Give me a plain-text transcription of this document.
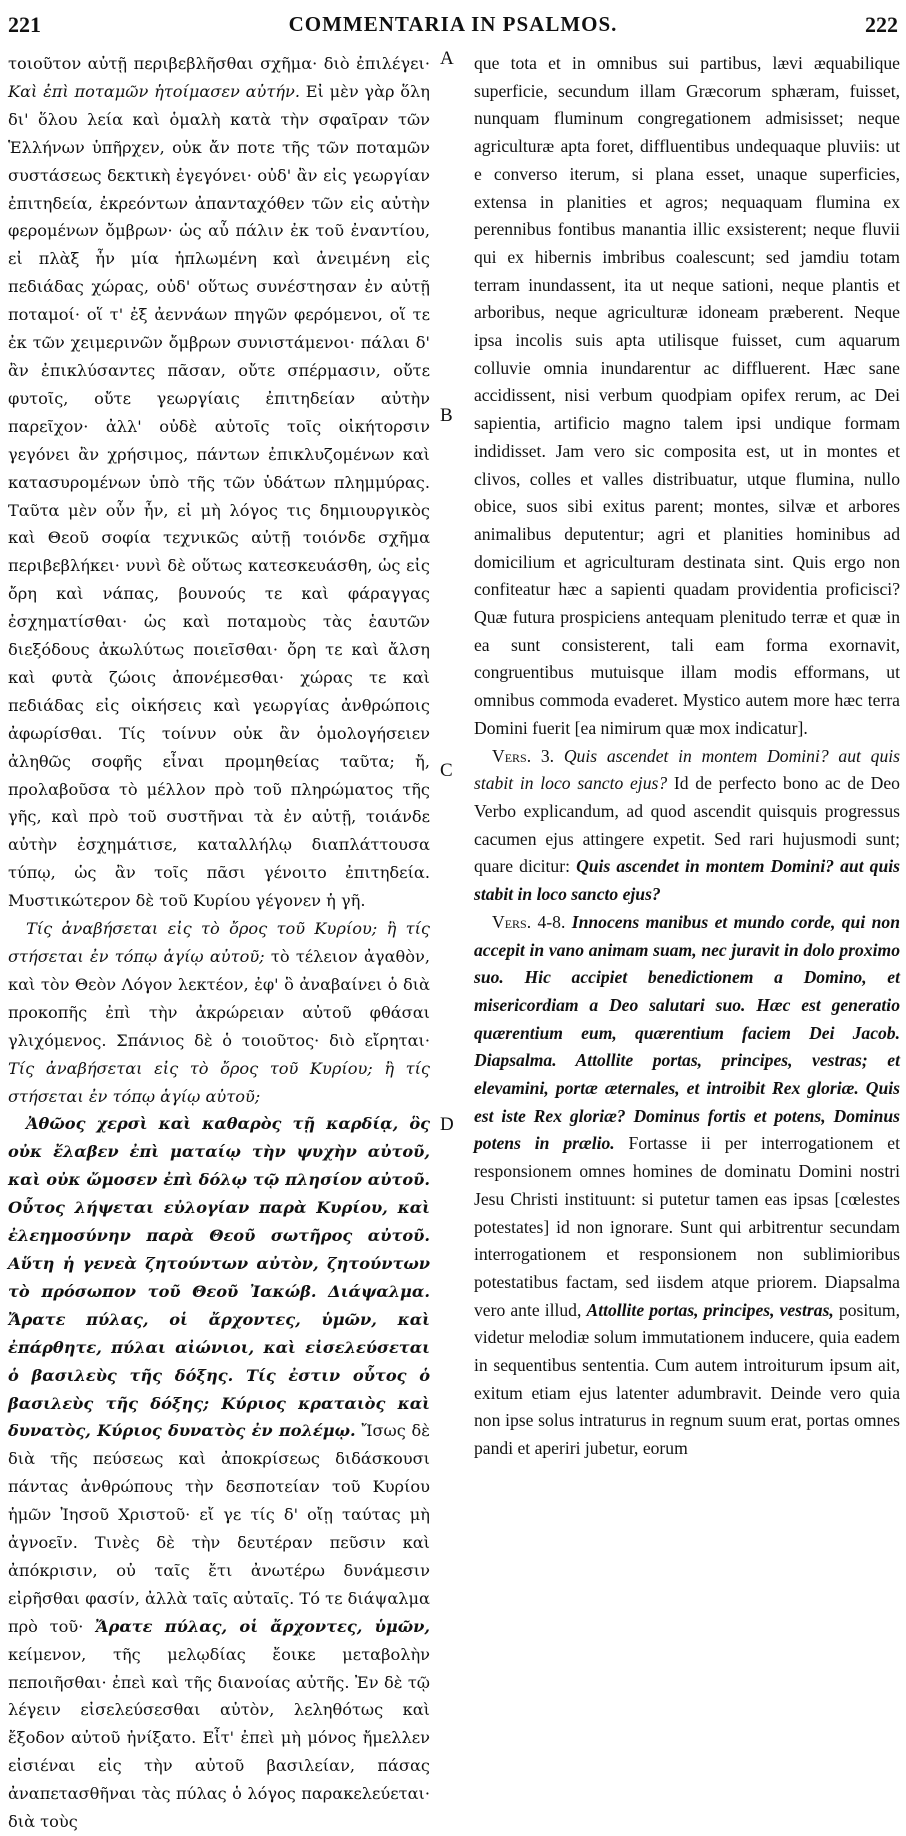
221	COMMENTARIA IN PSALMOS.	222
A
B
C
D

τοιοῦτον αὐτῇ περιβεβλῆσθαι σχῆμα· διὸ ἐπιλέγει· Καὶ ἐπὶ ποταμῶν ἡτοίμασεν αὐτήν. Εἰ μὲν γὰρ ὅλη δι' ὅλου λεία καὶ ὁμαλὴ κατὰ τὴν σφαῖραν τῶν Ἑλλήνων ὑπῆρχεν, οὐκ ἄν ποτε τῆς τῶν ποταμῶν συστάσεως δεκτικὴ ἐγεγόνει· οὐδ' ἂν εἰς γεωργίαν ἐπιτηδεία, ἐκρεόντων ἀπανταχόθεν τῶν εἰς αὐτὴν φερομένων ὄμβρων· ὡς αὖ πάλιν ἐκ τοῦ ἐναντίου, εἰ πλὰξ ἦν μία ἡπλωμένη καὶ ἀνειμένη εἰς πεδιάδας χώρας, οὐδ' οὕτως συνέστησαν ἐν αὐτῇ ποταμοί· οἵ τ' ἐξ ἀεννάων πηγῶν φερόμενοι, οἵ τε ἐκ τῶν χειμερινῶν ὄμβρων συνιστάμενοι· πάλαι δ' ἂν ἐπικλύσαντες πᾶσαν, οὔτε σπέρμασιν, οὔτε φυτοῖς, οὔτε γεωργίαις ἐπιτηδείαν αὐτὴν παρεῖχον· ἀλλ' οὐδὲ αὐτοῖς τοῖς οἰκήτορσιν γεγόνει ἂν χρήσιμος, πάντων ἐπικλυζομένων καὶ κατασυρομένων ὑπὸ τῆς τῶν ὑδάτων πλημμύρας. Ταῦτα μὲν οὖν ἦν, εἰ μὴ λόγος τις δημιουργικὸς καὶ Θεοῦ σοφία τεχνικῶς αὐτῇ τοιόνδε σχῆμα περιβεβλήκει· νυνὶ δὲ οὕτως κατεσκευάσθη, ὡς εἰς ὄρη καὶ νάπας, βουνούς τε καὶ φάραγγας ἐσχηματίσθαι· ὡς καὶ ποταμοὺς τὰς ἑαυτῶν διεξόδους ἀκωλύτως ποιεῖσθαι· ὄρη τε καὶ ἄλση καὶ φυτὰ ζώοις ἀπονέμεσθαι· χώρας τε καὶ πεδιάδας εἰς οἰκήσεις καὶ γεωργίας ἀνθρώποις ἀφωρίσθαι. Τίς τοίνυν οὐκ ἂν ὁμολογήσειεν ἀληθῶς σοφῆς εἶναι προμηθείας ταῦτα; ἤ, προλαβοῦσα τὸ μέλλον πρὸ τοῦ πληρώματος τῆς γῆς, καὶ πρὸ τοῦ συστῆναι τὰ ἐν αὐτῇ, τοιάνδε αὐτὴν ἐσχημάτισε, καταλλήλῳ διαπλάττουσα τύπῳ, ὡς ἂν τοῖς πᾶσι γένοιτο ἐπιτηδεία. Μυστικώτερον δὲ τοῦ Κυρίου γέγονεν ἡ γῆ.

Τίς ἀναβήσεται εἰς τὸ ὄρος τοῦ Κυρίου; ἢ τίς στήσεται ἐν τόπῳ ἁγίῳ αὐτοῦ; τὸ τέλειον ἀγαθὸν, καὶ τὸν Θεὸν Λόγον λεκτέον, ἐφ' ὃ ἀναβαίνει ὁ διὰ προκοπῆς ἐπὶ τὴν ἀκρώρειαν αὐτοῦ φθάσαι γλιχόμενος. Σπάνιος δὲ ὁ τοιοῦτος· διὸ εἴρηται· Τίς ἀναβήσεται εἰς τὸ ὄρος τοῦ Κυρίου; ἢ τίς στήσεται ἐν τόπῳ ἁγίῳ αὐτοῦ;

Ἀθῶος χερσὶ καὶ καθαρὸς τῇ καρδίᾳ, ὃς οὐκ ἔλαβεν ἐπὶ ματαίῳ τὴν ψυχὴν αὐτοῦ, καὶ οὐκ ὤμοσεν ἐπὶ δόλῳ τῷ πλησίον αὐτοῦ. Οὗτος λήψεται εὐλογίαν παρὰ Κυρίου, καὶ ἐλεημοσύνην παρὰ Θεοῦ σωτῆρος αὐτοῦ. Αὕτη ἡ γενεὰ ζητούντων αὐτὸν, ζητούντων τὸ πρόσωπον τοῦ Θεοῦ Ἰακώβ. Διάψαλμα. Ἄρατε πύλας, οἱ ἄρχοντες, ὑμῶν, καὶ ἐπάρθητε, πύλαι αἰώνιοι, καὶ εἰσελεύσεται ὁ βασιλεὺς τῆς δόξης. Τίς ἐστιν οὗτος ὁ βασιλεὺς τῆς δόξης; Κύριος κραταιὸς καὶ δυνατὸς, Κύριος δυνατὸς ἐν πολέμῳ. Ἴσως δὲ διὰ τῆς πεύσεως καὶ ἀποκρίσεως διδάσκουσι πάντας ἀνθρώπους τὴν δεσποτείαν τοῦ Κυρίου ἡμῶν Ἰησοῦ Χριστοῦ· εἴ γε τίς δ' οἴῃ ταύτας μὴ ἀγνοεῖν. Τινὲς δὲ τὴν δευτέραν πεῦσιν καὶ ἀπόκρισιν, οὐ ταῖς ἔτι ἀνωτέρω δυνάμεσιν εἰρῆσθαι φασίν, ἀλλὰ ταῖς αὐταῖς. Τό τε διάψαλμα πρὸ τοῦ· Ἄρατε πύλας, οἱ ἄρχοντες, ὑμῶν, κείμενον, τῆς μελῳδίας ἔοικε μεταβολὴν πεποιῆσθαι· ἐπεὶ καὶ τῆς διανοίας αὐτῆς. Ἐν δὲ τῷ λέγειν εἰσελεύσεσθαι αὐτὸν, λεληθότως καὶ ἔξοδον αὐτοῦ ἠνίξατο. Εἶτ' ἐπεὶ μὴ μόνος ἤμελλεν εἰσιέναι εἰς τὴν αὐτοῦ βασιλείαν, πάσας ἀναπετασθῆναι τὰς πύλας ὁ λόγος παρακελεύεται· διὰ τοὺς

que tota et in omnibus sui partibus, lævi æquabilique superficie, secundum illam Græcorum sphæram, fuisset, nunquam fluminum congregationem admisisset; neque agriculturæ apta foret, diffluentibus undequaque pluviis: ut e converso iterum, si plana esset, unaque superficies, extensa in planities et agros; nequaquam flumina ex perennibus fontibus manantia illic exsisterent; neque fluvii qui ex hibernis imbribus coalescunt; sed jamdiu totam terram inundassent, ita ut neque sationi, neque plantis et arboribus, neque agriculturæ idoneam præberent. Neque ipsa incolis suis apta utilisque fuisset, cum aquarum colluvie omnia inundarentur ac diffluerent. Hæc sane accidissent, nisi verbum quodpiam opifex rerum, ac Dei sapientia, artificio magno talem ipsi undique formam indidisset. Jam vero sic composita est, ut in montes et clivos, colles et valles distribuatur, utque flumina, nullo obice, suos sibi exitus parent; montes, silvæ et arbores animalibus deputentur; agri et planities hominibus ad domicilium et agriculturam destinata sint. Quis ergo non confiteatur hæc a sapienti quadam providentia proficisci? Quæ futura prospiciens antequam plenitudo terræ et quæ in ea sunt consisterent, tali eam forma exornavit, congruentibus mutuisque illam modis efformans, ut omnibus commoda evaderet. Mystico autem more hæc terra Domini fuerit [ea nimirum quæ mox indicatur].

Vers. 3. Quis ascendet in montem Domini? aut quis stabit in loco sancto ejus? Id de perfecto bono ac de Deo Verbo explicandum, ad quod ascendit quisquis progressus cacumen ejus attingere expetit. Sed rari hujusmodi sunt; quare dicitur: Quis ascendet in montem Domini? aut quis stabit in loco sancto ejus?

Vers. 4-8. Innocens manibus et mundo corde, qui non accepit in vano animam suam, nec juravit in dolo proximo suo. Hic accipiet benedictionem a Domino, et misericordiam a Deo salutari suo. Hæc est generatio quærentium eum, quærentium faciem Dei Jacob. Diapsalma. Attollite portas, principes, vestras; et elevamini, portæ æternales, et introibit Rex gloriæ. Quis est iste Rex gloriæ? Dominus fortis et potens, Dominus potens in prælio. Fortasse ii per interrogationem et responsionem omnes homines de dominatu Domini nostri Jesu Christi instituunt: si putetur tamen eas ipsas [cœlestes potestates] id non ignorare. Sunt qui arbitrentur secundam interrogationem et responsionem non sublimioribus potestatibus factam, sed iisdem atque priorem. Diapsalma vero ante illud, Attollite portas, principes, vestras, positum, videtur melodiæ solum immutationem inducere, quia eadem in sequentibus sententia. Cum autem introiturum ipsum ait, exitum etiam ejus latenter adumbravit. Deinde vero quia non ipse solus intraturus in regnum suum erat, portas omnes pandi et aperiri jubetur, eorum
